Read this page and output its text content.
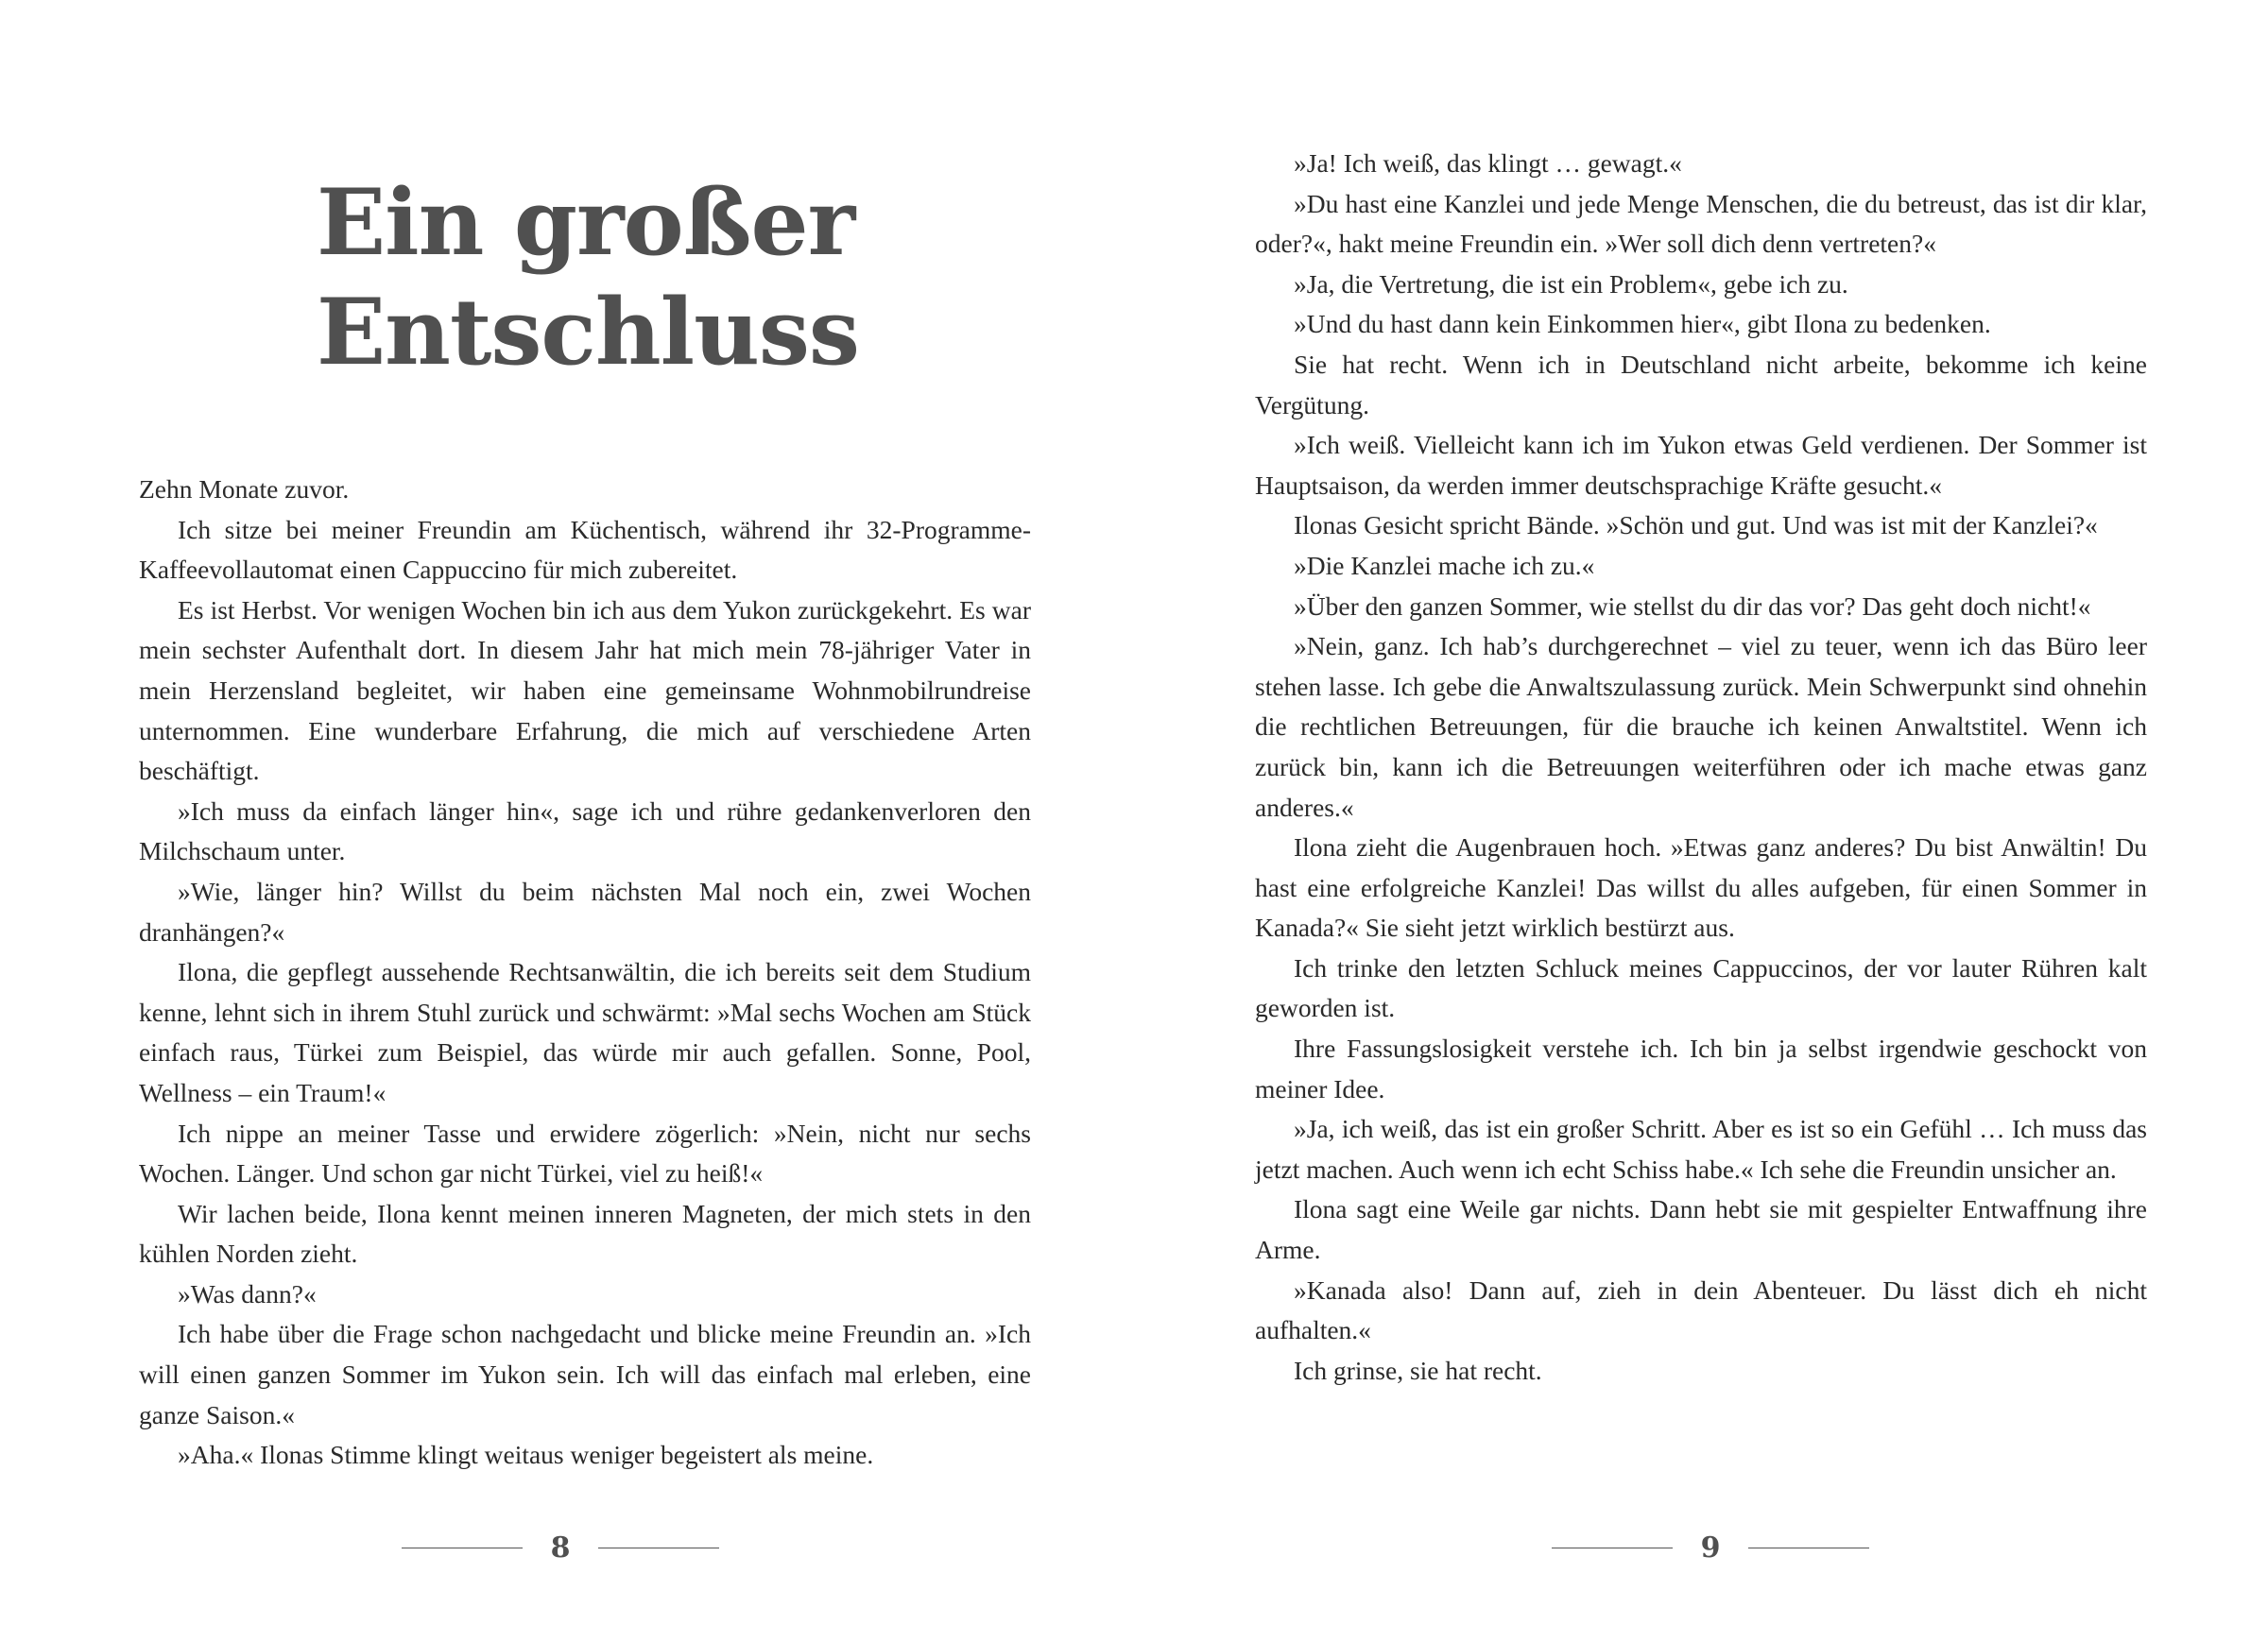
Ein großer
Entschluss

Zehn Monate zuvor.

Ich sitze bei meiner Freundin am Küchentisch, während ihr 32-Programme-Kaffeevollautomat einen Cappuccino für mich zubereitet.

Es ist Herbst. Vor wenigen Wochen bin ich aus dem Yukon zurückgekehrt. Es war mein sechster Aufenthalt dort. In diesem Jahr hat mich mein 78-jähriger Vater in mein Herzensland begleitet, wir haben eine gemeinsame Wohnmobilrundreise unternommen. Eine wunderbare Erfahrung, die mich auf verschiedene Arten beschäftigt.

»Ich muss da einfach länger hin«, sage ich und rühre gedankenverloren den Milchschaum unter.

»Wie, länger hin? Willst du beim nächsten Mal noch ein, zwei Wochen dranhängen?«

Ilona, die gepflegt aussehende Rechtsanwältin, die ich bereits seit dem Studium kenne, lehnt sich in ihrem Stuhl zurück und schwärmt: »Mal sechs Wochen am Stück einfach raus, Türkei zum Beispiel, das würde mir auch gefallen. Sonne, Pool, Wellness – ein Traum!«

Ich nippe an meiner Tasse und erwidere zögerlich: »Nein, nicht nur sechs Wochen. Länger. Und schon gar nicht Türkei, viel zu heiß!«

Wir lachen beide, Ilona kennt meinen inneren Magneten, der mich stets in den kühlen Norden zieht.

»Was dann?«

Ich habe über die Frage schon nachgedacht und blicke meine Freundin an. »Ich will einen ganzen Sommer im Yukon sein. Ich will das einfach mal erleben, eine ganze Saison.«

»Aha.« Ilonas Stimme klingt weitaus weniger begeistert als meine.

8

»Ja! Ich weiß, das klingt … gewagt.«

»Du hast eine Kanzlei und jede Menge Menschen, die du betreust, das ist dir klar, oder?«, hakt meine Freundin ein. »Wer soll dich denn vertreten?«

»Ja, die Vertretung, die ist ein Problem«, gebe ich zu.

»Und du hast dann kein Einkommen hier«, gibt Ilona zu bedenken.

Sie hat recht. Wenn ich in Deutschland nicht arbeite, bekomme ich keine Vergütung.

»Ich weiß. Vielleicht kann ich im Yukon etwas Geld verdienen. Der Sommer ist Hauptsaison, da werden immer deutschsprachige Kräfte gesucht.«

Ilonas Gesicht spricht Bände. »Schön und gut. Und was ist mit der Kanzlei?«

»Die Kanzlei mache ich zu.«

»Über den ganzen Sommer, wie stellst du dir das vor? Das geht doch nicht!«

»Nein, ganz. Ich hab’s durchgerechnet – viel zu teuer, wenn ich das Büro leer stehen lasse. Ich gebe die Anwaltszulassung zurück. Mein Schwerpunkt sind ohnehin die rechtlichen Betreuungen, für die brauche ich keinen Anwaltstitel. Wenn ich zurück bin, kann ich die Betreuungen weiterführen oder ich mache etwas ganz anderes.«

Ilona zieht die Augenbrauen hoch. »Etwas ganz anderes? Du bist Anwältin! Du hast eine erfolgreiche Kanzlei! Das willst du alles aufgeben, für einen Sommer in Kanada?« Sie sieht jetzt wirklich bestürzt aus.

Ich trinke den letzten Schluck meines Cappuccinos, der vor lauter Rühren kalt geworden ist.

Ihre Fassungslosigkeit verstehe ich. Ich bin ja selbst irgendwie geschockt von meiner Idee.

»Ja, ich weiß, das ist ein großer Schritt. Aber es ist so ein Gefühl … Ich muss das jetzt machen. Auch wenn ich echt Schiss habe.« Ich sehe die Freundin unsicher an.

Ilona sagt eine Weile gar nichts. Dann hebt sie mit gespielter Entwaffnung ihre Arme.

»Kanada also! Dann auf, zieh in dein Abenteuer. Du lässt dich eh nicht aufhalten.«

Ich grinse, sie hat recht.

9
